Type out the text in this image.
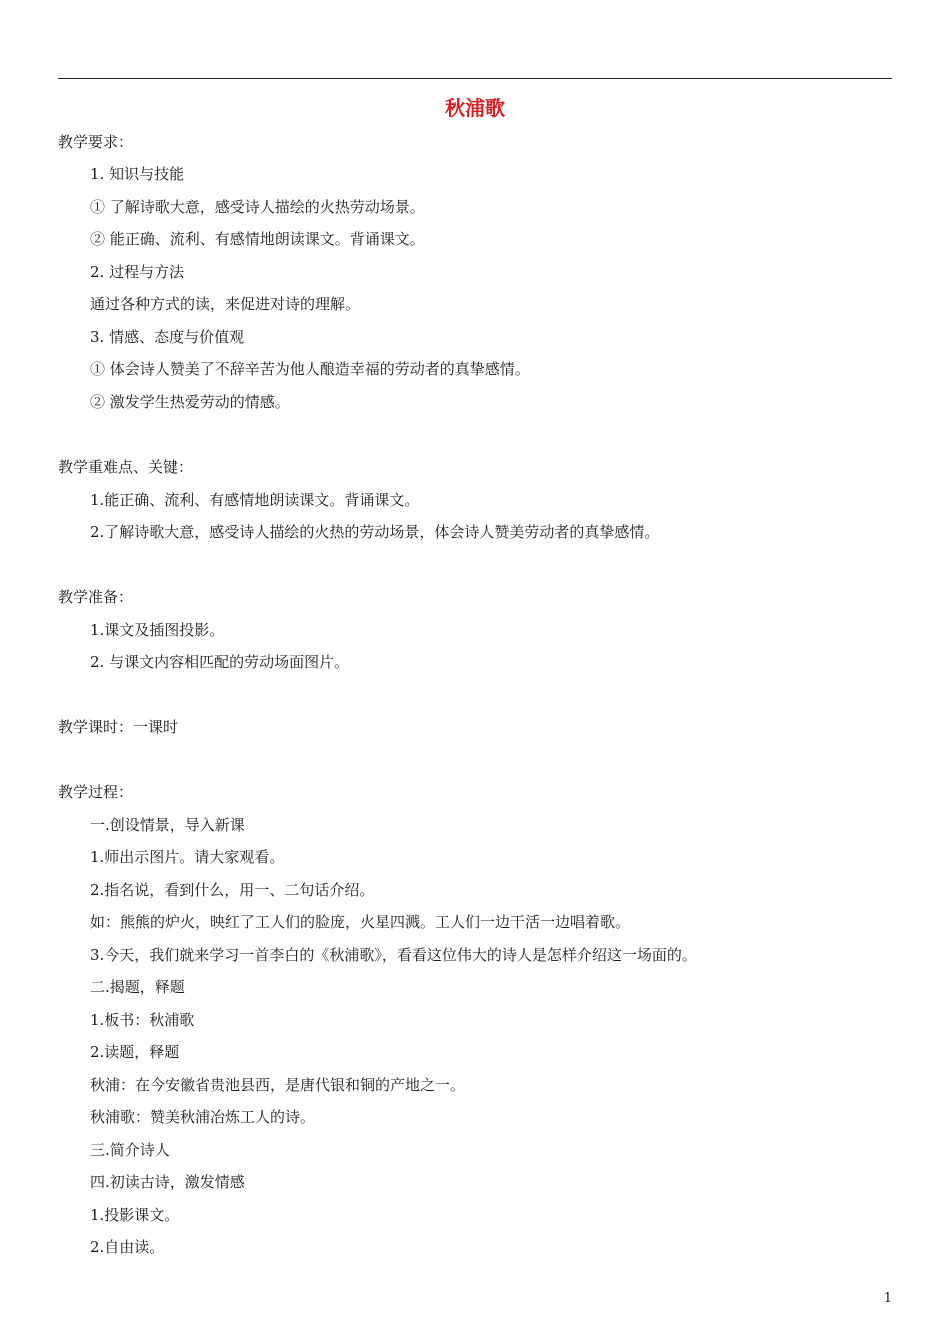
秋浦歌
教学要求：
1. 知识与技能
① 了解诗歌大意，感受诗人描绘的火热劳动场景。
② 能正确、流利、有感情地朗读课文。背诵课文。
2. 过程与方法
通过各种方式的读，来促进对诗的理解。
3. 情感、态度与价值观
① 体会诗人赞美了不辞辛苦为他人酿造幸福的劳动者的真挚感情。
② 激发学生热爱劳动的情感。
教学重难点、关键：
1.能正确、流利、有感情地朗读课文。背诵课文。
2.了解诗歌大意，感受诗人描绘的火热的劳动场景，体会诗人赞美劳动者的真挚感情。
教学准备：
1.课文及插图投影。
2. 与课文内容相匹配的劳动场面图片。
教学课时：一课时
教学过程：
一.创设情景，导入新课
1.师出示图片。请大家观看。
2.指名说，看到什么，用一、二句话介绍。
如：熊熊的炉火，映红了工人们的脸庞，火星四溅。工人们一边干活一边唱着歌。
3.今天，我们就来学习一首李白的《秋浦歌》，看看这位伟大的诗人是怎样介绍这一场面的。
二.揭题，释题
1.板书：秋浦歌
2.读题，释题
秋浦：在今安徽省贵池县西，是唐代银和铜的产地之一。
秋浦歌：赞美秋浦冶炼工人的诗。
三.简介诗人
四.初读古诗，激发情感
1.投影课文。
2.自由读。
1
